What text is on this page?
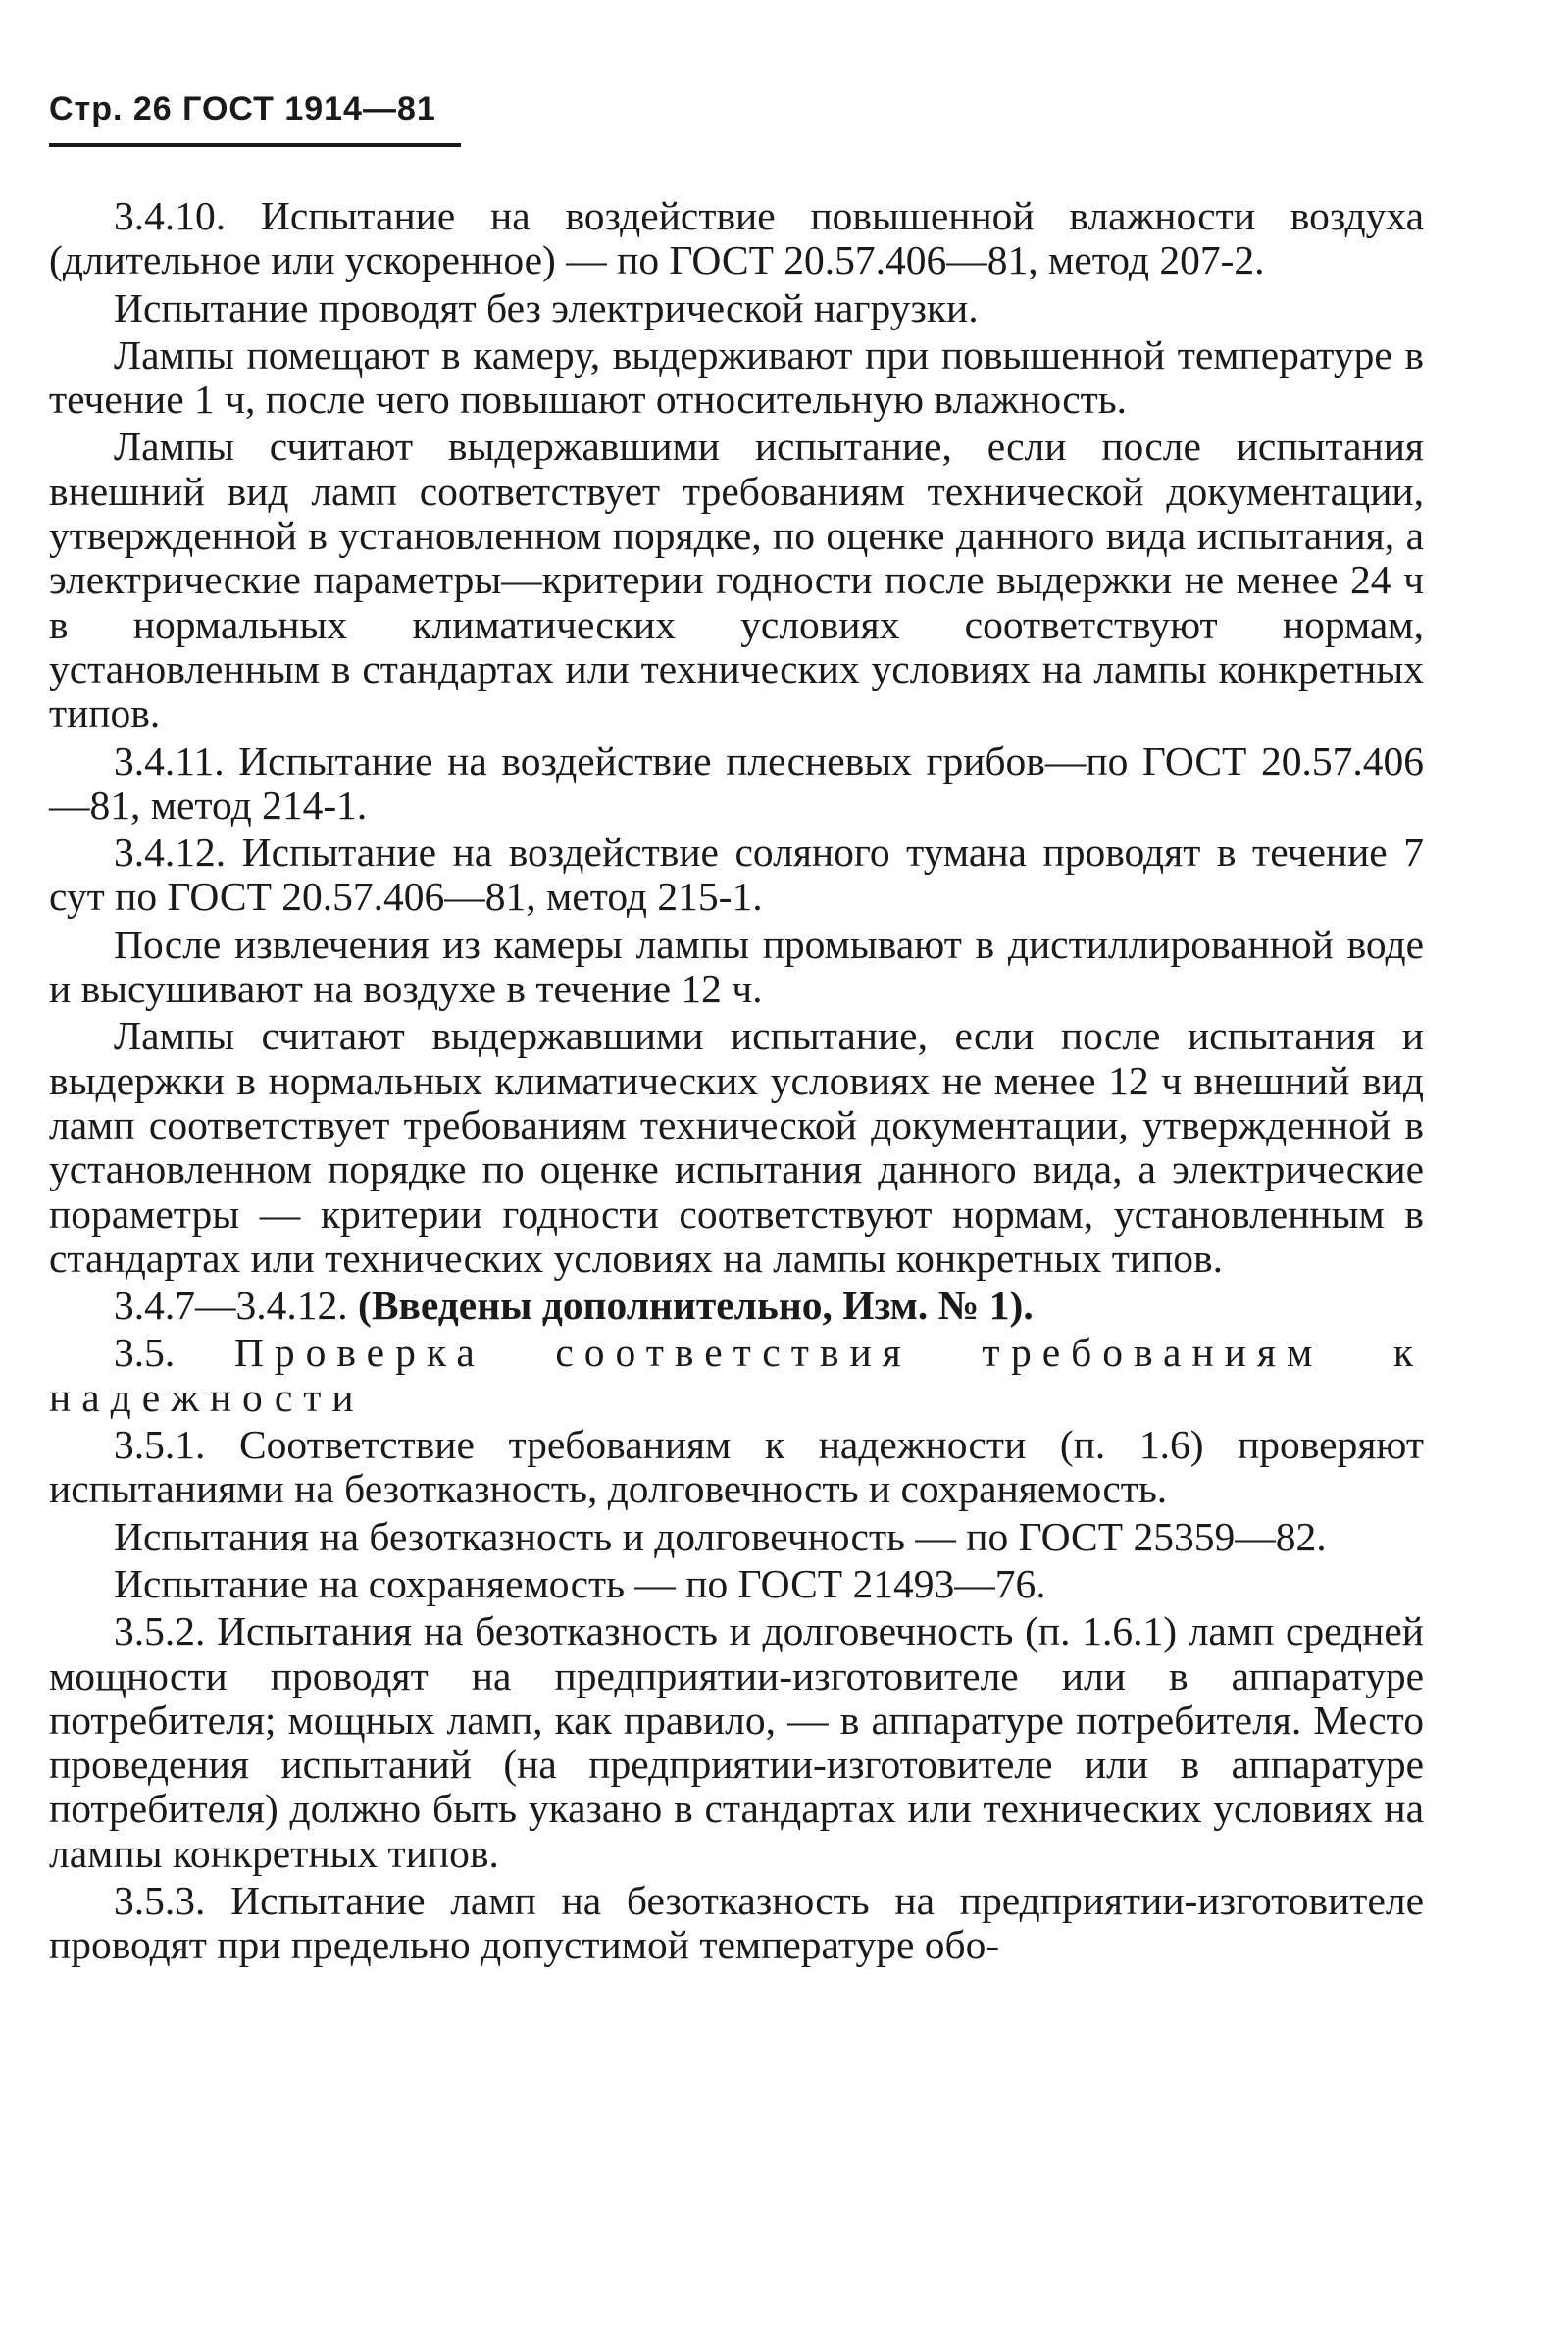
Стр. 26 ГОСТ 1914—81

3.4.10. Испытание на воздействие повышенной влажности воздуха (длительное или ускоренное) — по ГОСТ 20.57.406—81, метод 207-2.

Испытание проводят без электрической нагрузки.

Лампы помещают в камеру, выдерживают при повышенной температуре в течение 1 ч, после чего повышают относительную влажность.

Лампы считают выдержавшими испытание, если после испытания внешний вид ламп соответствует требованиям технической документации, утвержденной в установленном порядке, по оценке данного вида испытания, а электрические параметры—критерии годности после выдержки не менее 24 ч в нормальных климатических условиях соответствуют нормам, установленным в стандартах или технических условиях на лампы конкретных типов.

3.4.11. Испытание на воздействие плесневых грибов—по ГОСТ 20.57.406—81, метод 214-1.

3.4.12. Испытание на воздействие соляного тумана проводят в течение 7 сут по ГОСТ 20.57.406—81, метод 215-1.

После извлечения из камеры лампы промывают в дистиллированной воде и высушивают на воздухе в течение 12 ч.

Лампы считают выдержавшими испытание, если после испытания и выдержки в нормальных климатических условиях не менее 12 ч внешний вид ламп соответствует требованиям технической документации, утвержденной в установленном порядке по оценке испытания данного вида, а электрические пораметры — критерии годности соответствуют нормам, установленным в стандартах или технических условиях на лампы конкретных типов.

3.4.7—3.4.12. (Введены дополнительно, Изм. № 1).

3.5. Проверка соответствия требованиям к надежности

3.5.1. Соответствие требованиям к надежности (п. 1.6) проверяют испытаниями на безотказность, долговечность и сохраняемость.

Испытания на безотказность и долговечность — по ГОСТ 25359—82.

Испытание на сохраняемость — по ГОСТ 21493—76.

3.5.2. Испытания на безотказность и долговечность (п. 1.6.1) ламп средней мощности проводят на предприятии-изготовителе или в аппаратуре потребителя; мощных ламп, как правило, — в аппаратуре потребителя. Место проведения испытаний (на предприятии-изготовителе или в аппаратуре потребителя) должно быть указано в стандартах или технических условиях на лампы конкретных типов.

3.5.3. Испытание ламп на безотказность на предприятии-изготовителе проводят при предельно допустимой температуре обо-
